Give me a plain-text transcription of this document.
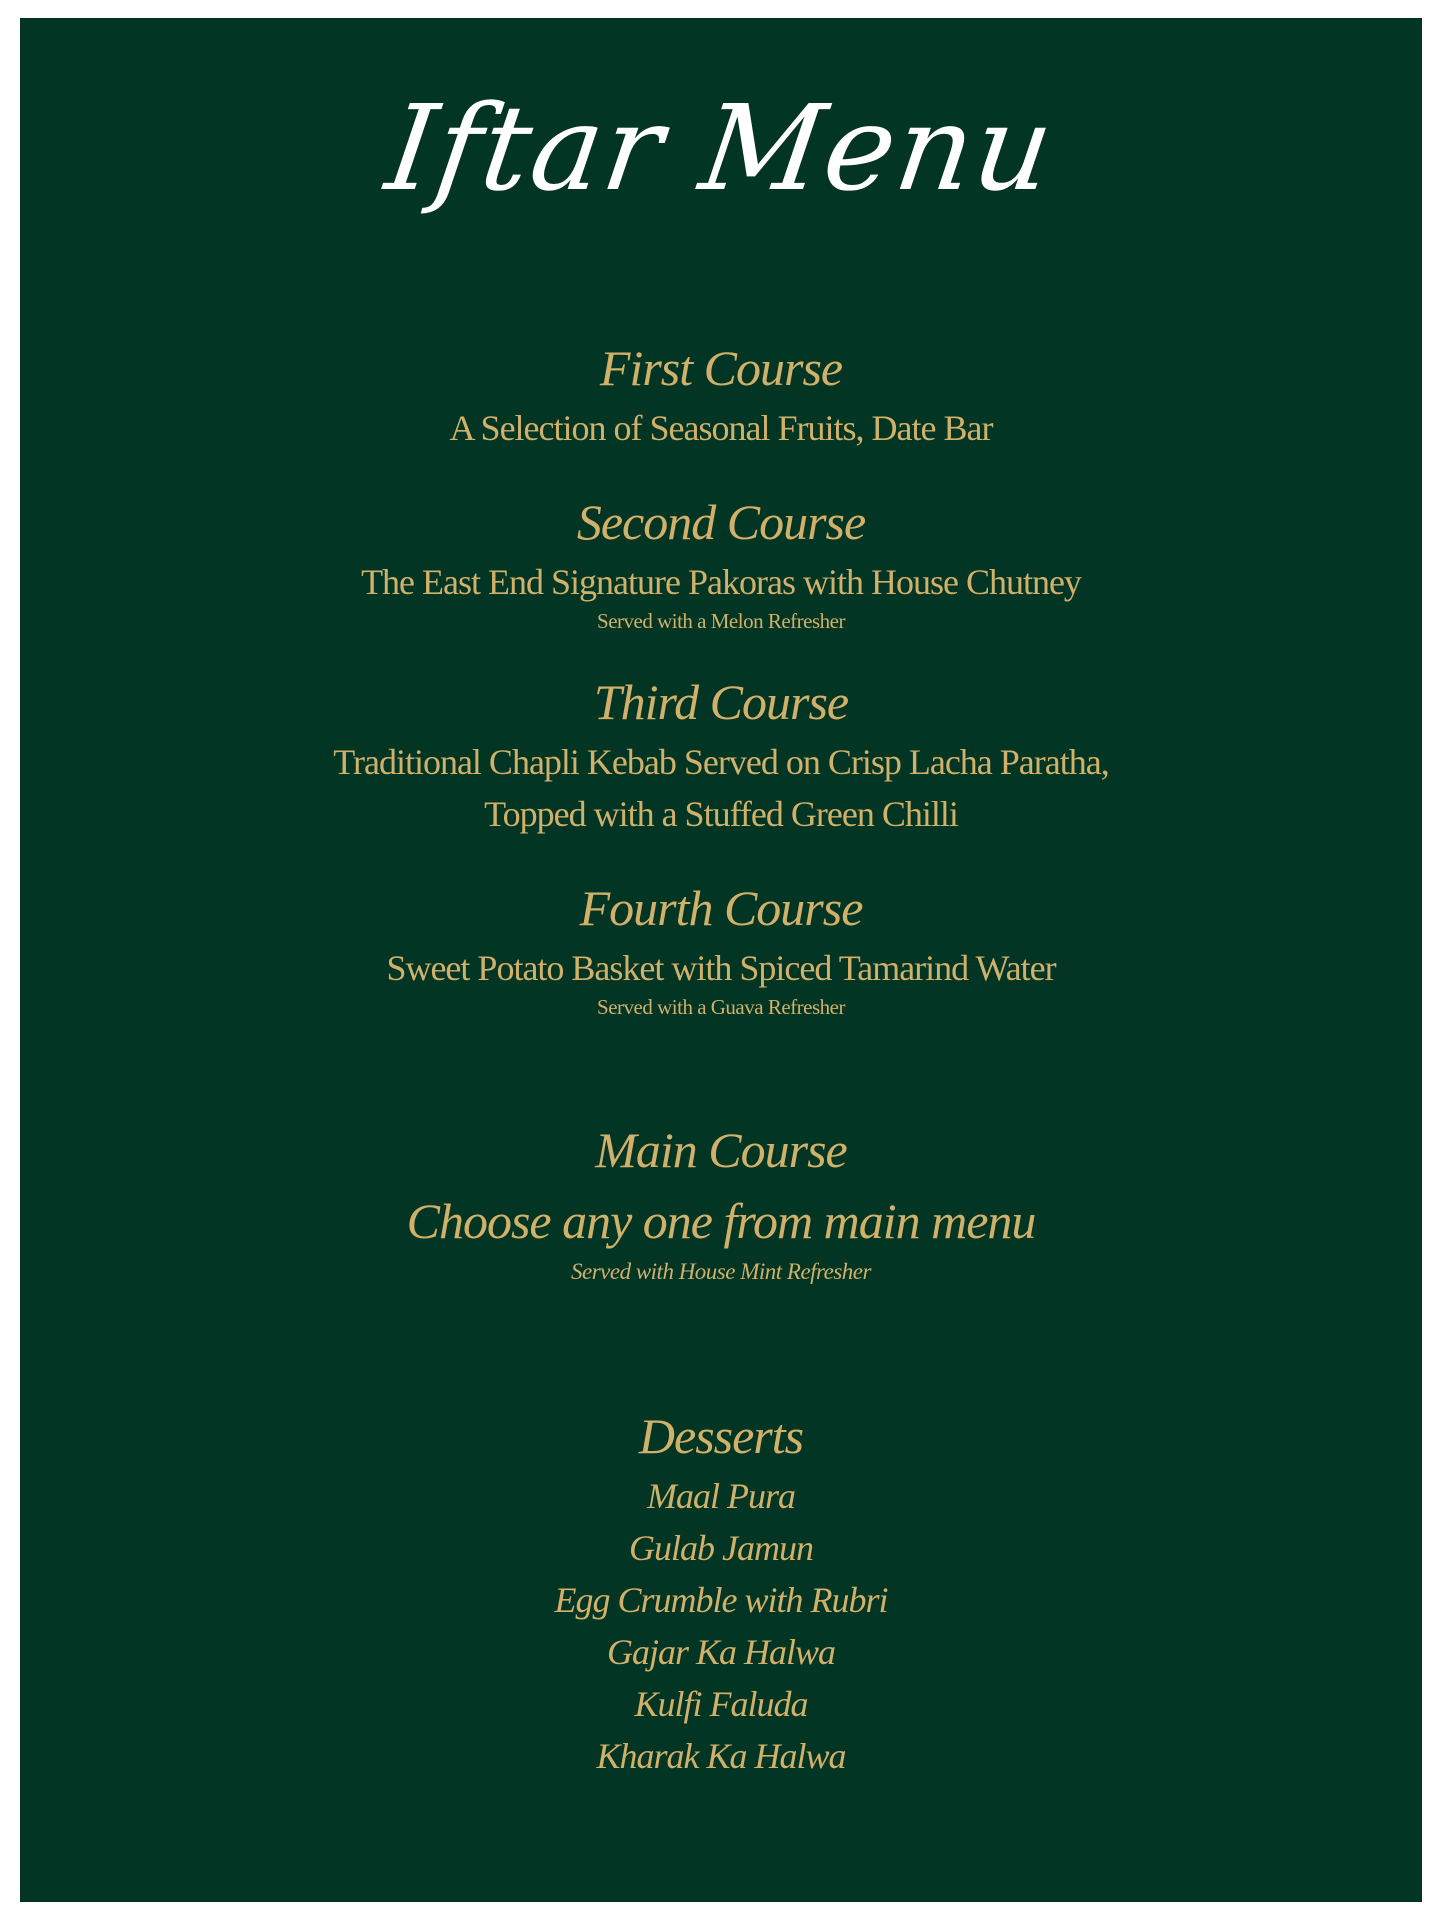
Iftar Menu
First Course
A Selection of Seasonal Fruits, Date Bar
Second Course
The East End Signature Pakoras with House Chutney
Served with a Melon Refresher
Third Course
Traditional Chapli Kebab Served on Crisp Lacha Paratha,
Topped with a Stuffed Green Chilli
Fourth Course
Sweet Potato Basket with Spiced Tamarind Water
Served with a Guava Refresher
Main Course
Choose any one from main menu
Served with House Mint Refresher
Desserts
Maal Pura
Gulab Jamun
Egg Crumble with Rubri
Gajar Ka Halwa
Kulfi Faluda
Kharak Ka Halwa
